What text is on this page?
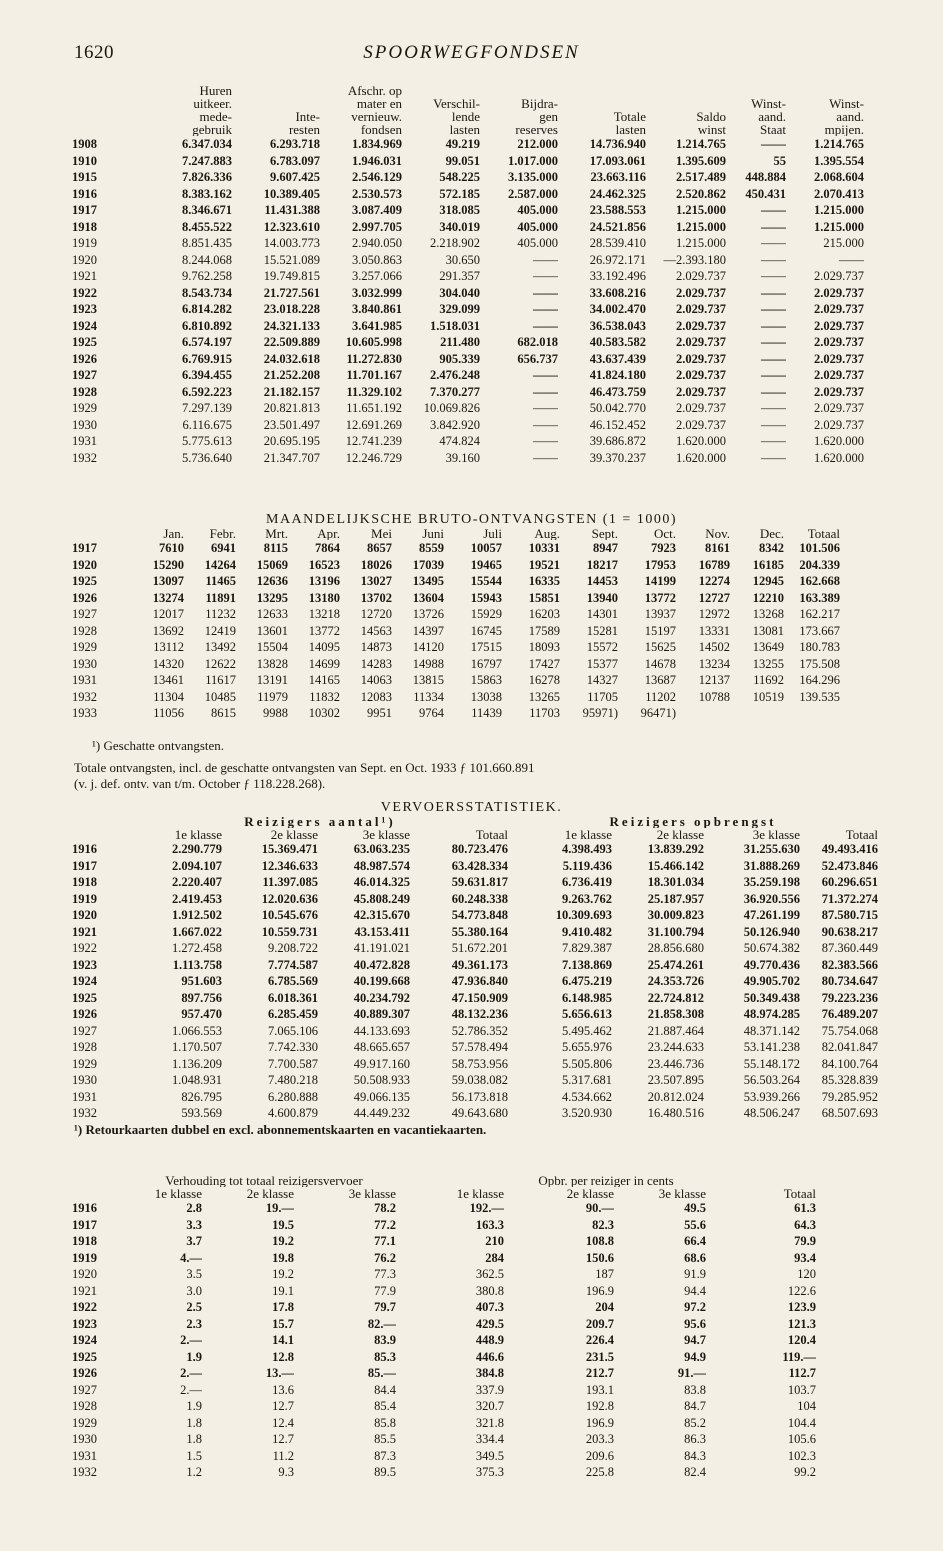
1620	SPOORWEGFONDSEN
	Huren
uitkeer.
mede-
gebruik	Inte-
resten	Afschr. op
mater en
vernieuw.
fondsen	Verschil-
lende
lasten	Bijdra-
gen
reserves	Totale
lasten	Saldo
winst	Winst-
aand.
Staat	Winst-
aand.
mpijen.
1908	6.347.034	6.293.718	1.834.969	49.219	212.000	14.736.940	1.214.765	——	1.214.765
1910	7.247.883	6.783.097	1.946.031	99.051	1.017.000	17.093.061	1.395.609	55	1.395.554
1915	7.826.336	9.607.425	2.546.129	548.225	3.135.000	23.663.116	2.517.489	448.884	2.068.604
1916	8.383.162	10.389.405	2.530.573	572.185	2.587.000	24.462.325	2.520.862	450.431	2.070.413
1917	8.346.671	11.431.388	3.087.409	318.085	405.000	23.588.553	1.215.000	——	1.215.000
1918	8.455.522	12.323.610	2.997.705	340.019	405.000	24.521.856	1.215.000	——	1.215.000
1919	8.851.435	14.003.773	2.940.050	2.218.902	405.000	28.539.410	1.215.000	——	215.000
1920	8.244.068	15.521.089	3.050.863	30.650	——	26.972.171	—2.393.180	——	——
1921	9.762.258	19.749.815	3.257.066	291.357	——	33.192.496	2.029.737	——	2.029.737
1922	8.543.734	21.727.561	3.032.999	304.040	——	33.608.216	2.029.737	——	2.029.737
1923	6.814.282	23.018.228	3.840.861	329.099	——	34.002.470	2.029.737	——	2.029.737
1924	6.810.892	24.321.133	3.641.985	1.518.031	——	36.538.043	2.029.737	——	2.029.737
1925	6.574.197	22.509.889	10.605.998	211.480	682.018	40.583.582	2.029.737	——	2.029.737
1926	6.769.915	24.032.618	11.272.830	905.339	656.737	43.637.439	2.029.737	——	2.029.737
1927	6.394.455	21.252.208	11.701.167	2.476.248	——	41.824.180	2.029.737	——	2.029.737
1928	6.592.223	21.182.157	11.329.102	7.370.277	——	46.473.759	2.029.737	——	2.029.737
1929	7.297.139	20.821.813	11.651.192	10.069.826	——	50.042.770	2.029.737	——	2.029.737
1930	6.116.675	23.501.497	12.691.269	3.842.920	——	46.152.452	2.029.737	——	2.029.737
1931	5.775.613	20.695.195	12.741.239	474.824	——	39.686.872	1.620.000	——	1.620.000
1932	5.736.640	21.347.707	12.246.729	39.160	——	39.370.237	1.620.000	——	1.620.000
MAANDELIJKSCHE BRUTO-ONTVANGSTEN (1 = 1000)
	Jan.	Febr.	Mrt.	Apr.	Mei	Juni	Juli	Aug.	Sept.	Oct.	Nov.	Dec.	Totaal
1917	7610	6941	8115	7864	8657	8559	10057	10331	8947	7923	8161	8342	101.506
1920	15290	14264	15069	16523	18026	17039	19465	19521	18217	17953	16789	16185	204.339
1925	13097	11465	12636	13196	13027	13495	15544	16335	14453	14199	12274	12945	162.668
1926	13274	11891	13295	13180	13702	13604	15943	15851	13940	13772	12727	12210	163.389
1927	12017	11232	12633	13218	12720	13726	15929	16203	14301	13937	12972	13268	162.217
1928	13692	12419	13601	13772	14563	14397	16745	17589	15281	15197	13331	13081	173.667
1929	13112	13492	15504	14095	14873	14120	17515	18093	15572	15625	14502	13649	180.783
1930	14320	12622	13828	14699	14283	14988	16797	17427	15377	14678	13234	13255	175.508
1931	13461	11617	13191	14165	14063	13815	15863	16278	14327	13687	12137	11692	164.296
1932	11304	10485	11979	11832	12083	11334	13038	13265	11705	11202	10788	10519	139.535
1933	11056	8615	9988	10302	9951	9764	11439	11703	95971)	96471)			
¹) Geschatte ontvangsten.
Totale ontvangsten, incl. de geschatte ontvangsten van Sept. en Oct. 1933 ƒ 101.660.891
(v. j. def. ontv. van t/m. October ƒ 118.228.268).
VERVOERSSTATISTIEK.
	Reizigers aantal¹)				Reizigers opbrengst			
	1e klasse	2e klasse	3e klasse	Totaal	1e klasse	2e klasse	3e klasse	Totaal
1916	2.290.779	15.369.471	63.063.235	80.723.476	4.398.493	13.839.292	31.255.630	49.493.416
1917	2.094.107	12.346.633	48.987.574	63.428.334	5.119.436	15.466.142	31.888.269	52.473.846
1918	2.220.407	11.397.085	46.014.325	59.631.817	6.736.419	18.301.034	35.259.198	60.296.651
1919	2.419.453	12.020.636	45.808.249	60.248.338	9.263.762	25.187.957	36.920.556	71.372.274
1920	1.912.502	10.545.676	42.315.670	54.773.848	10.309.693	30.009.823	47.261.199	87.580.715
1921	1.667.022	10.559.731	43.153.411	55.380.164	9.410.482	31.100.794	50.126.940	90.638.217
1922	1.272.458	9.208.722	41.191.021	51.672.201	7.829.387	28.856.680	50.674.382	87.360.449
1923	1.113.758	7.774.587	40.472.828	49.361.173	7.138.869	25.474.261	49.770.436	82.383.566
1924	951.603	6.785.569	40.199.668	47.936.840	6.475.219	24.353.726	49.905.702	80.734.647
1925	897.756	6.018.361	40.234.792	47.150.909	6.148.985	22.724.812	50.349.438	79.223.236
1926	957.470	6.285.459	40.889.307	48.132.236	5.656.613	21.858.308	48.974.285	76.489.207
1927	1.066.553	7.065.106	44.133.693	52.786.352	5.495.462	21.887.464	48.371.142	75.754.068
1928	1.170.507	7.742.330	48.665.657	57.578.494	5.655.976	23.244.633	53.141.238	82.041.847
1929	1.136.209	7.700.587	49.917.160	58.753.956	5.505.806	23.446.736	55.148.172	84.100.764
1930	1.048.931	7.480.218	50.508.933	59.038.082	5.317.681	23.507.895	56.503.264	85.328.839
1931	826.795	6.280.888	49.066.135	56.173.818	4.534.662	20.812.024	53.939.266	79.285.952
1932	593.569	4.600.879	44.449.232	49.643.680	3.520.930	16.480.516	48.506.247	68.507.693
¹) Retourkaarten dubbel en excl. abonnementskaarten en vacantiekaarten.
	Verhouding tot totaal reizigersvervoer			Opbr. per reiziger in cents			
	1e klasse	2e klasse	3e klasse	1e klasse	2e klasse	3e klasse	Totaal
1916	2.8	19.—	78.2	192.—	90.—	49.5	61.3
1917	3.3	19.5	77.2	163.3	82.3	55.6	64.3
1918	3.7	19.2	77.1	210	108.8	66.4	79.9
1919	4.—	19.8	76.2	284	150.6	68.6	93.4
1920	3.5	19.2	77.3	362.5	187	91.9	120
1921	3.0	19.1	77.9	380.8	196.9	94.4	122.6
1922	2.5	17.8	79.7	407.3	204	97.2	123.9
1923	2.3	15.7	82.—	429.5	209.7	95.6	121.3
1924	2.—	14.1	83.9	448.9	226.4	94.7	120.4
1925	1.9	12.8	85.3	446.6	231.5	94.9	119.—
1926	2.—	13.—	85.—	384.8	212.7	91.—	112.7
1927	2.—	13.6	84.4	337.9	193.1	83.8	103.7
1928	1.9	12.7	85.4	320.7	192.8	84.7	104
1929	1.8	12.4	85.8	321.8	196.9	85.2	104.4
1930	1.8	12.7	85.5	334.4	203.3	86.3	105.6
1931	1.5	11.2	87.3	349.5	209.6	84.3	102.3
1932	1.2	9.3	89.5	375.3	225.8	82.4	99.2
